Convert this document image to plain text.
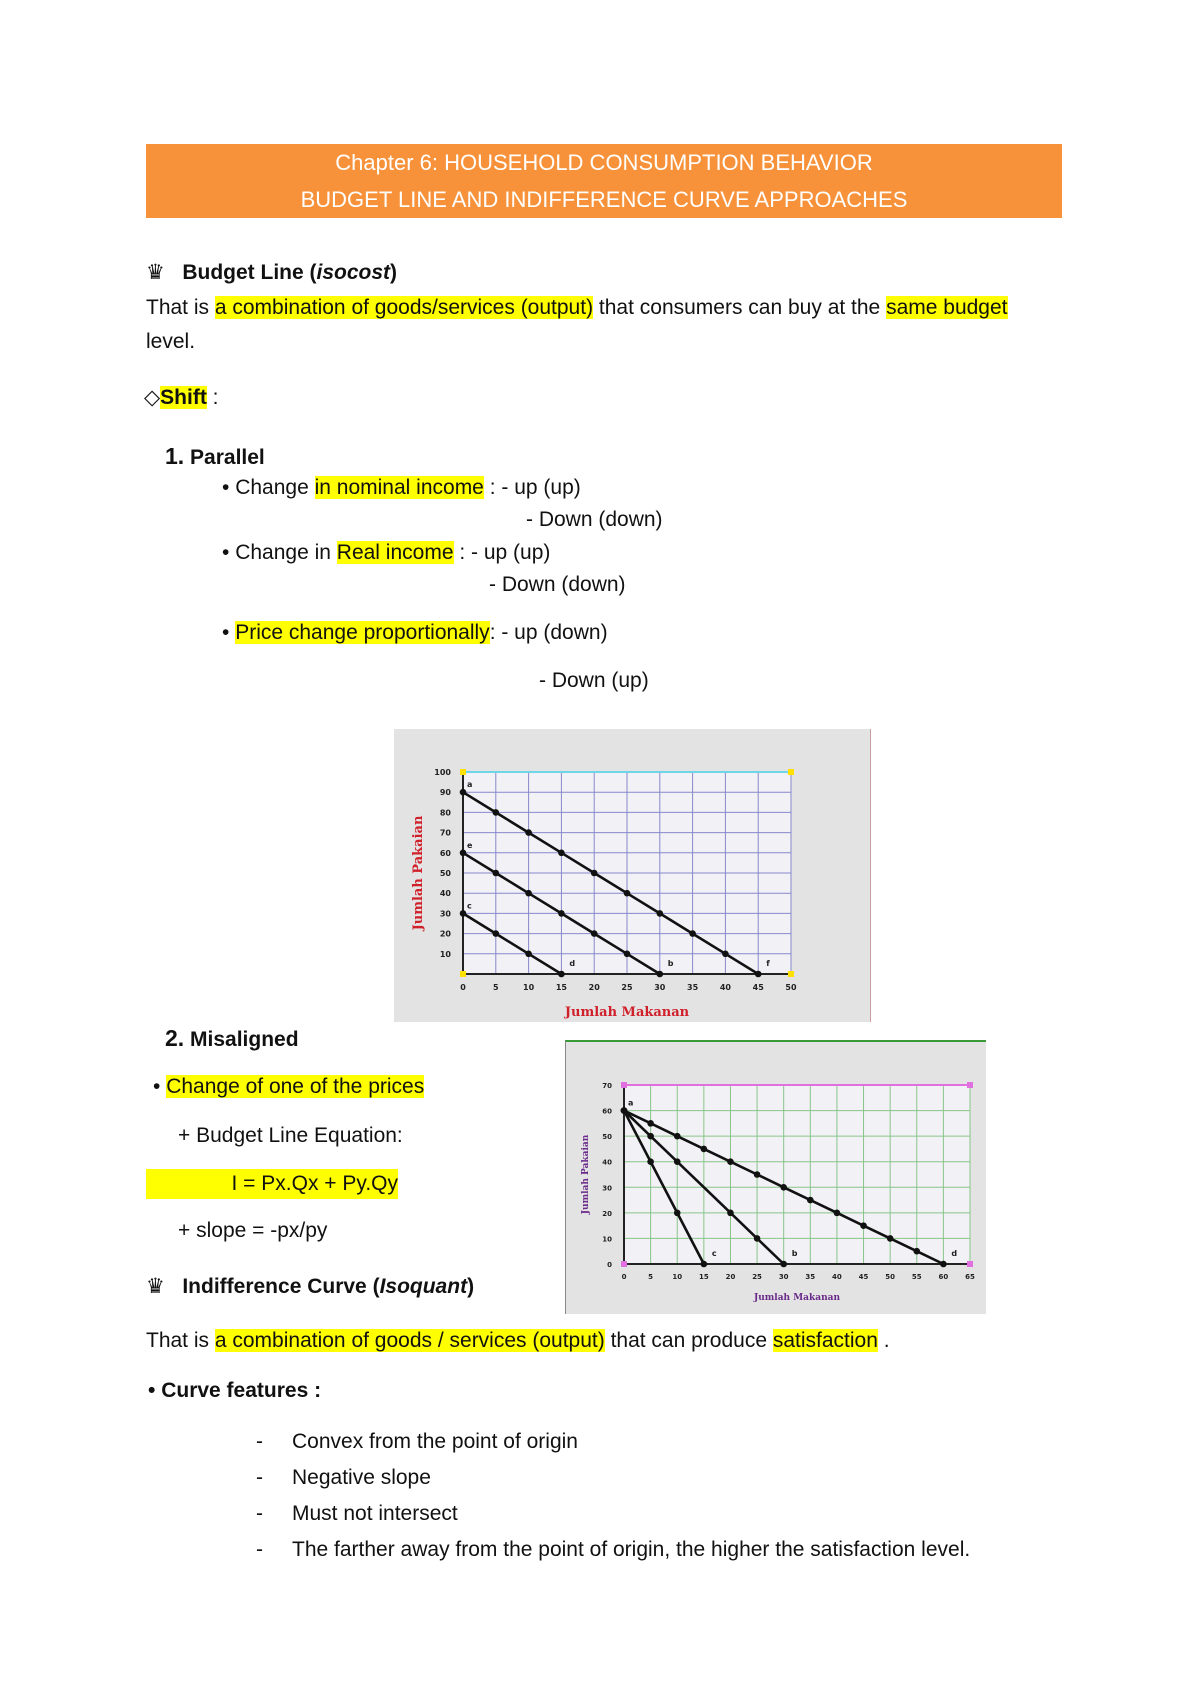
Chapter 6: HOUSEHOLD CONSUMPTION BEHAVIOR
BUDGET LINE AND INDIFFERENCE CURVE APPROACHES
♛ Budget Line (isocost)
That is a combination of goods/services (output) that consumers can buy at the same budget
level.
◇Shift :
1. Parallel
• Change in nominal income : - up (up)
- Down (down)
• Change in Real income : - up (up)
- Down (down)
• Price change proportionally: - up (down)
- Down (up)
0	5	10	15	20	25	30	35	40	45	50
10
20
30
40
50
60
70
80
90
100
Jumlah Makanan
Jumlah Pakaian	c
d
e
b
a
f
2. Misaligned
• Change of one of the prices
+ Budget Line Equation:
I = Px.Qx + Py.Qy
+ slope = -px/py
0	5	10 15 20 25 30 35 40 45 50 55 60 65
0
10
20
30
40
50
60
70
Jumlah Makanan
Jumlah Pakaian
a
c	b	d
♛ Indifference Curve (Isoquant)
That is a combination of goods / services (output) that can produce satisfaction .
• Curve features :
- Convex from the point of origin
- Negative slope
- Must not intersect
- The farther away from the point of origin, the higher the satisfaction level.
